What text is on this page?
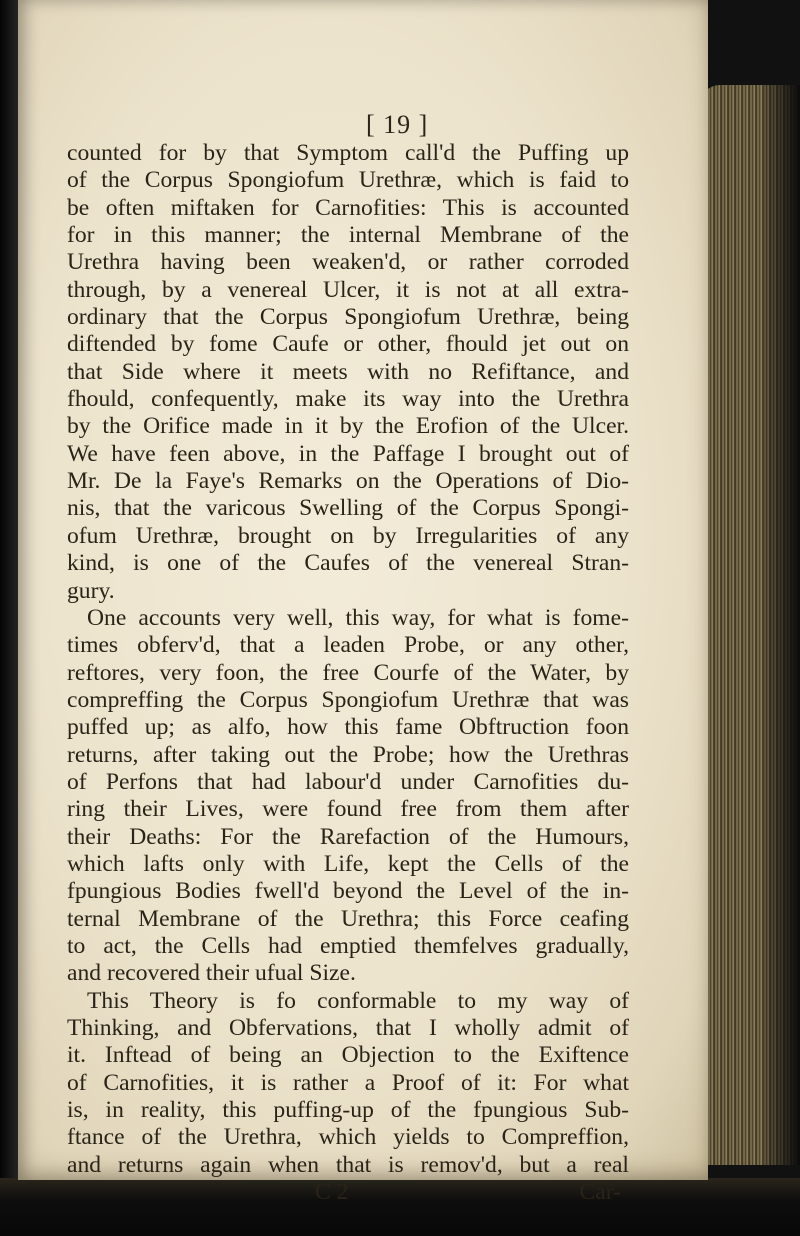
[ 19 ]
counted for by that Symptom call'd the Puffing up
of the Corpus Spongiofum Urethræ, which is faid to
be often miftaken for Carnofities: This is accounted
for in this manner; the internal Membrane of the
Urethra having been weaken'd, or rather corroded
through, by a venereal Ulcer, it is not at all extra-
ordinary that the Corpus Spongiofum Urethræ, being
diftended by fome Caufe or other, fhould jet out on
that Side where it meets with no Refiftance, and
fhould, confequently, make its way into the Urethra
by the Orifice made in it by the Erofion of the Ulcer.
We have feen above, in the Paffage I brought out of
Mr. De la Faye's Remarks on the Operations of Dio-
nis, that the varicous Swelling of the Corpus Spongi-
ofum Urethræ, brought on by Irregularities of any
kind, is one of the Caufes of the venereal Stran-
gury.
One accounts very well, this way, for what is fome-
times obferv'd, that a leaden Probe, or any other,
reftores, very foon, the free Courfe of the Water, by
compreffing the Corpus Spongiofum Urethræ that was
puffed up; as alfo, how this fame Obftruction foon
returns, after taking out the Probe; how the Urethras
of Perfons that had labour'd under Carnofities du-
ring their Lives, were found free from them after
their Deaths: For the Rarefaction of the Humours,
which lafts only with Life, kept the Cells of the
fpungious Bodies fwell'd beyond the Level of the in-
ternal Membrane of the Urethra; this Force ceafing
to act, the Cells had emptied themfelves gradually,
and recovered their ufual Size.
This Theory is fo conformable to my way of
Thinking, and Obfervations, that I wholly admit of
it. Inftead of being an Objection to the Exiftence
of Carnofities, it is rather a Proof of it: For what
is, in reality, this puffing-up of the fpungious Sub-
ftance of the Urethra, which yields to Compreffion,
and returns again when that is remov'd, but a real
C 2	Car-
